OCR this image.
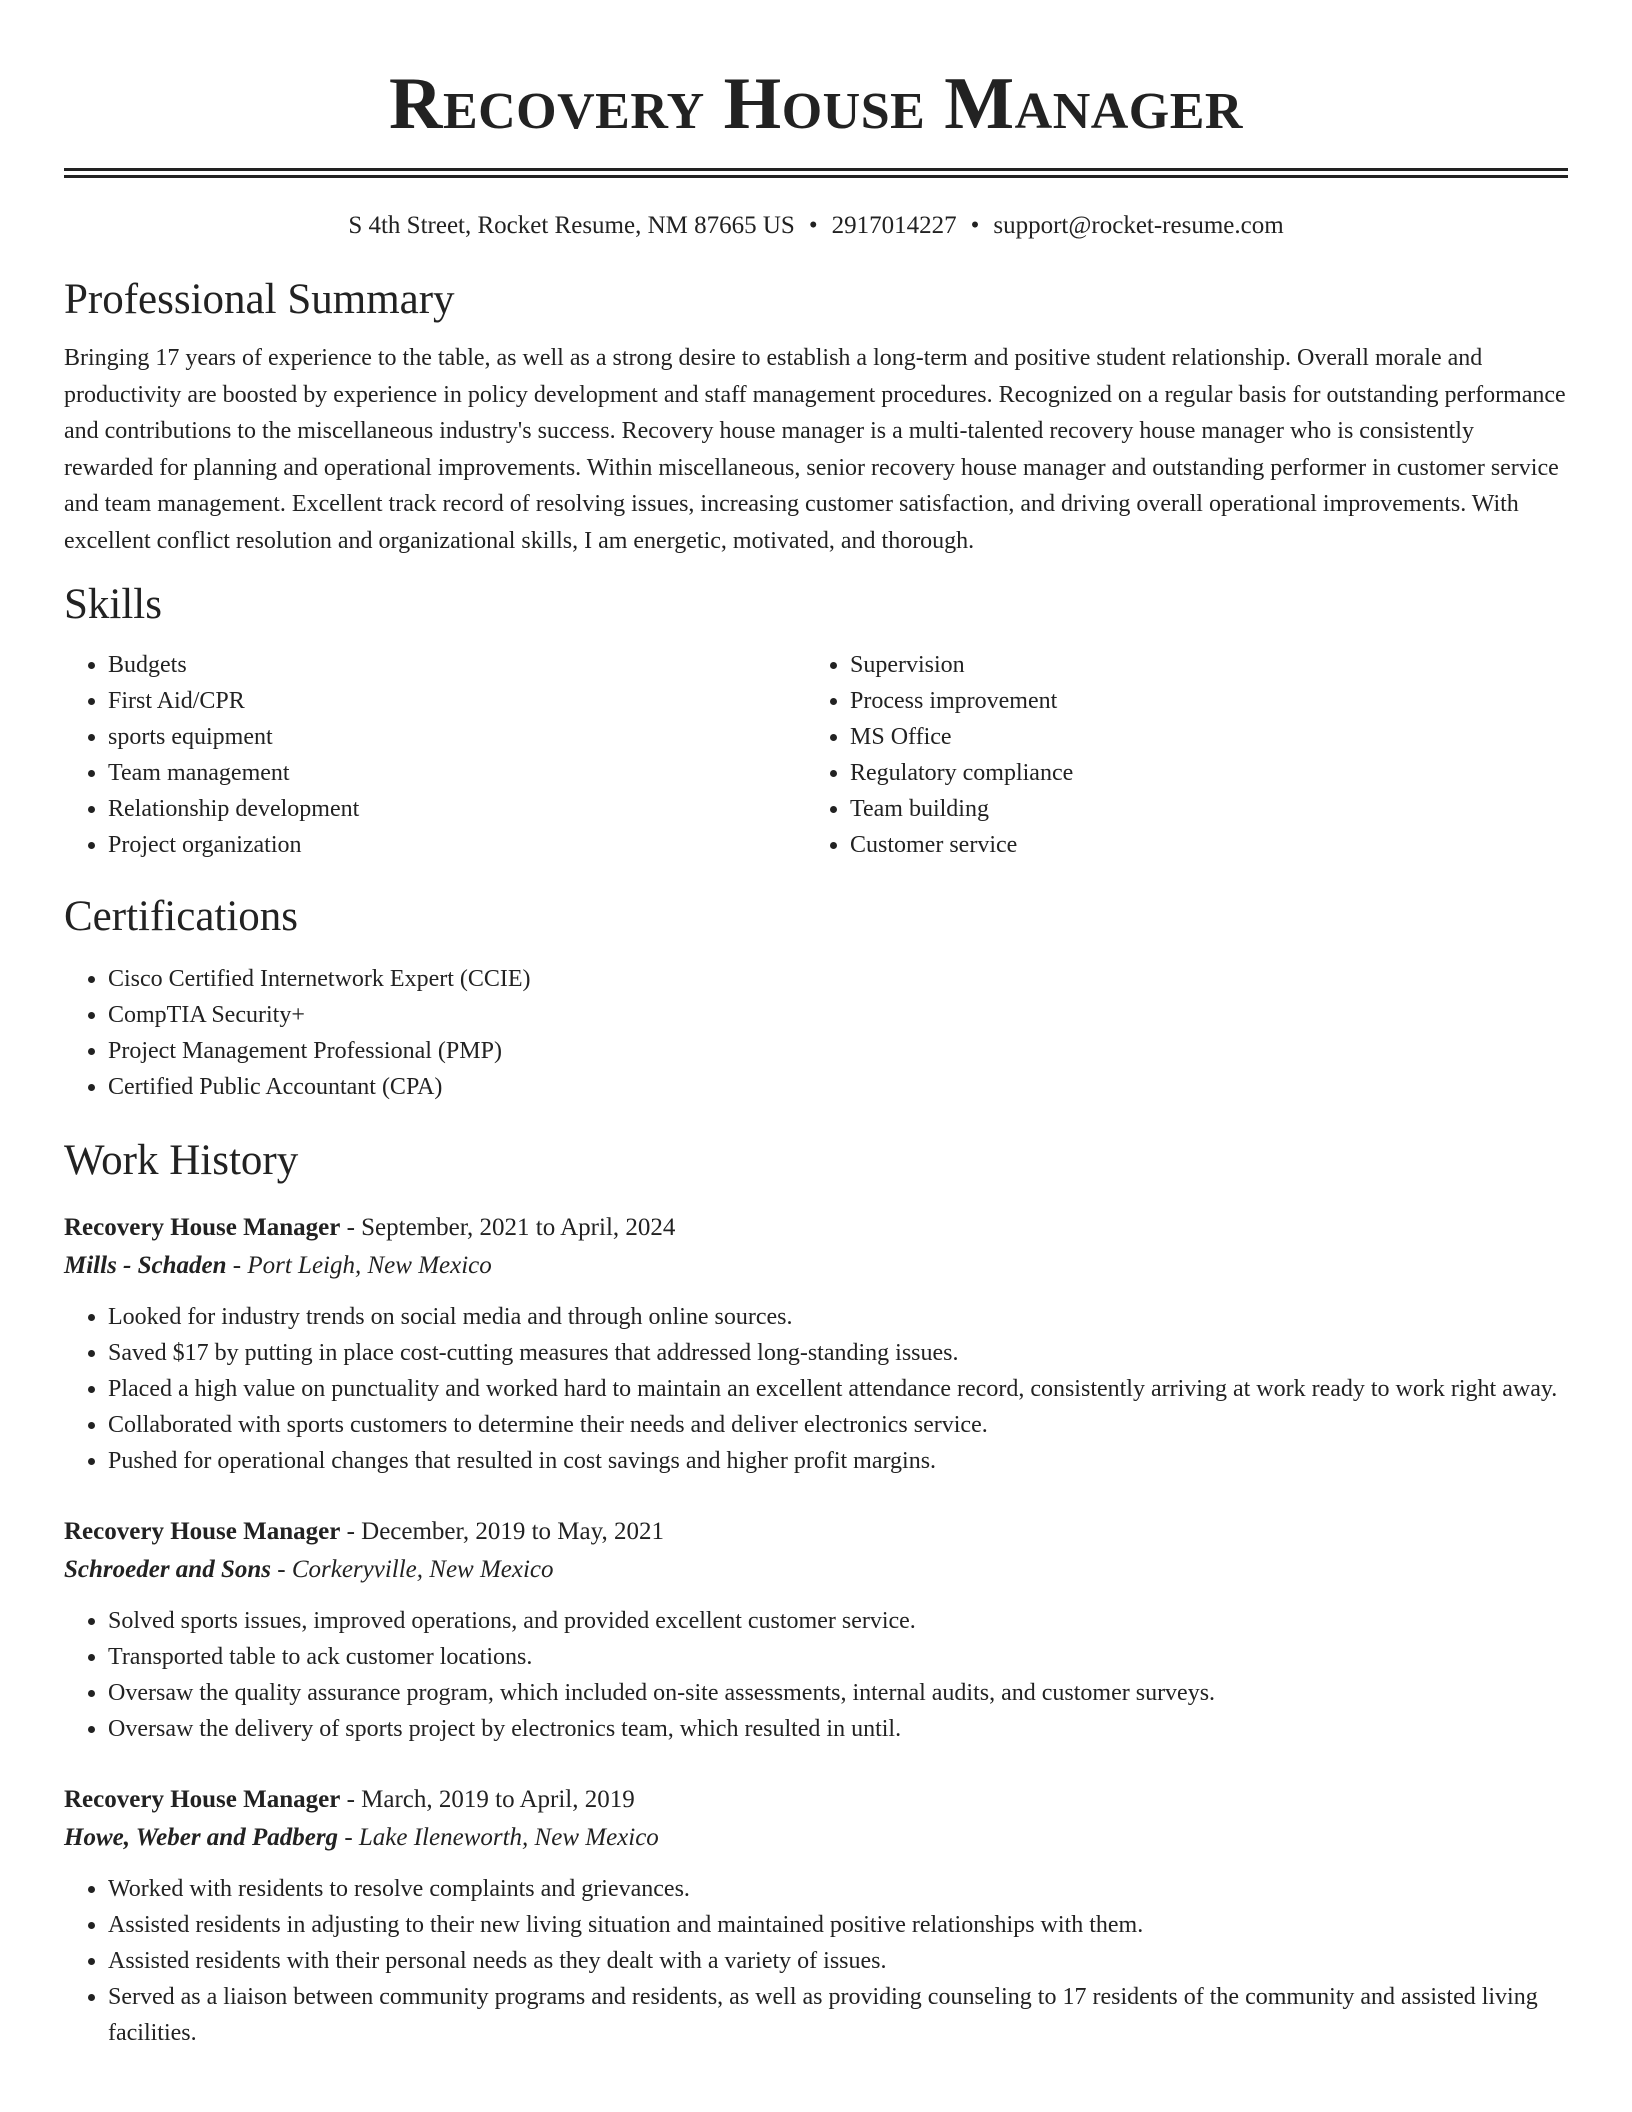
Recovery House Manager
S 4th Street, Rocket Resume, NM 87665 US • 2917014227 • support@rocket-resume.com
Professional Summary
Bringing 17 years of experience to the table, as well as a strong desire to establish a long-term and positive student relationship. Overall morale and productivity are boosted by experience in policy development and staff management procedures. Recognized on a regular basis for outstanding performance and contributions to the miscellaneous industry's success. Recovery house manager is a multi-talented recovery house manager who is consistently rewarded for planning and operational improvements. Within miscellaneous, senior recovery house manager and outstanding performer in customer service and team management. Excellent track record of resolving issues, increasing customer satisfaction, and driving overall operational improvements. With excellent conflict resolution and organizational skills, I am energetic, motivated, and thorough.
Skills
• Budgets
• First Aid/CPR
• sports equipment
• Team management
• Relationship development
• Project organization
• Supervision
• Process improvement
• MS Office
• Regulatory compliance
• Team building
• Customer service
Certifications
• Cisco Certified Internetwork Expert (CCIE)
• CompTIA Security+
• Project Management Professional (PMP)
• Certified Public Accountant (CPA)
Work History
Recovery House Manager - September, 2021 to April, 2024
Mills - Schaden - Port Leigh, New Mexico
• Looked for industry trends on social media and through online sources.
• Saved $17 by putting in place cost-cutting measures that addressed long-standing issues.
• Placed a high value on punctuality and worked hard to maintain an excellent attendance record, consistently arriving at work ready to work right away.
• Collaborated with sports customers to determine their needs and deliver electronics service.
• Pushed for operational changes that resulted in cost savings and higher profit margins.
Recovery House Manager - December, 2019 to May, 2021
Schroeder and Sons - Corkeryville, New Mexico
• Solved sports issues, improved operations, and provided excellent customer service.
• Transported table to ack customer locations.
• Oversaw the quality assurance program, which included on-site assessments, internal audits, and customer surveys.
• Oversaw the delivery of sports project by electronics team, which resulted in until.
Recovery House Manager - March, 2019 to April, 2019
Howe, Weber and Padberg - Lake Ileneworth, New Mexico
• Worked with residents to resolve complaints and grievances.
• Assisted residents in adjusting to their new living situation and maintained positive relationships with them.
• Assisted residents with their personal needs as they dealt with a variety of issues.
• Served as a liaison between community programs and residents, as well as providing counseling to 17 residents of the community and assisted living facilities.
